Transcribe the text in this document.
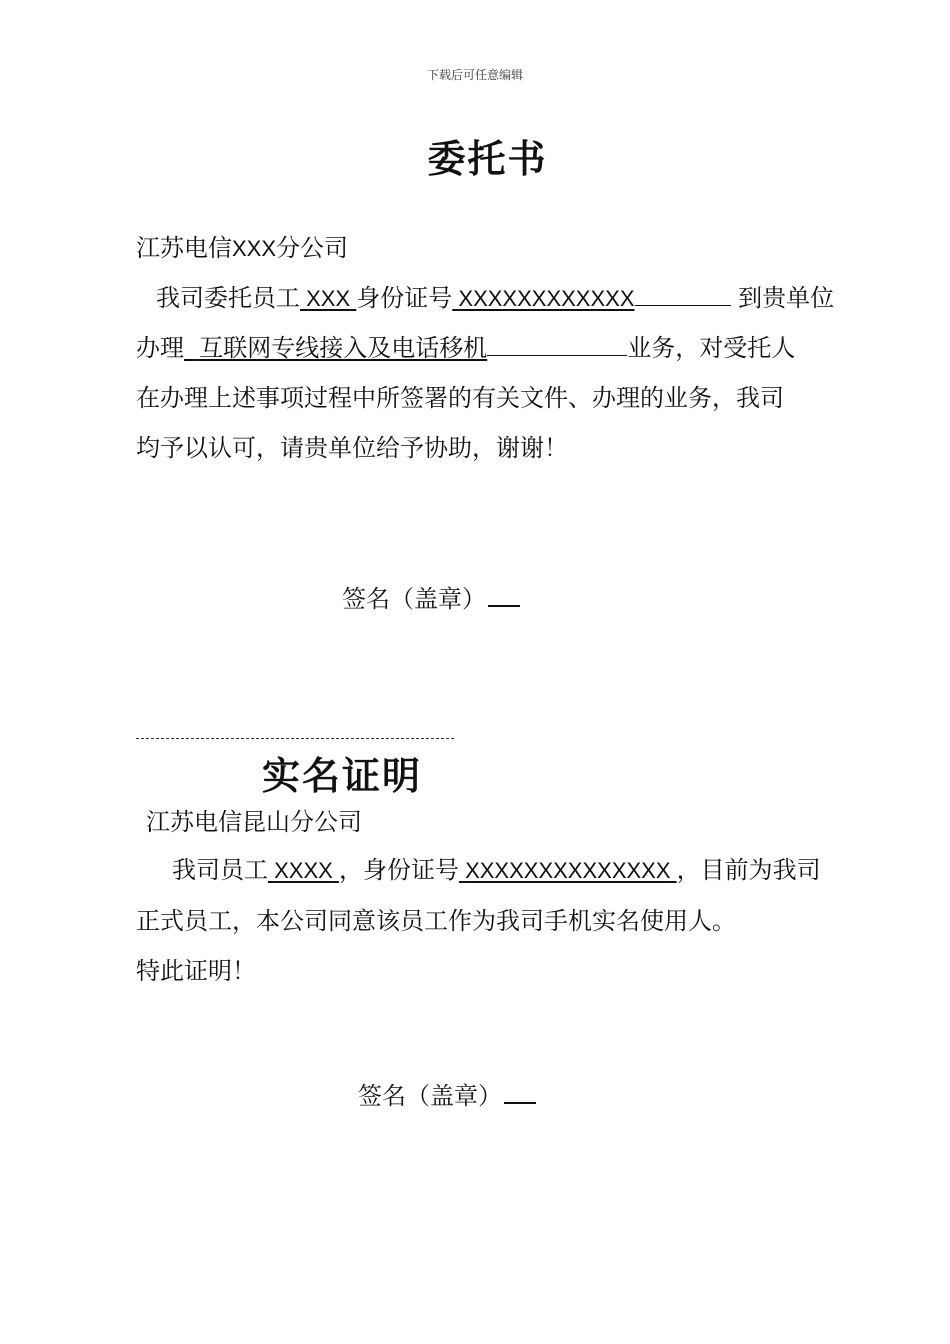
下载后可任意编辑
委托书
江苏电信XXX分公司
我司委托员工 XXX 身份证号 XXXXXXXXXXXX	到贵单位
办理 互联网专线接入及电话移机	业务，对受托人
在办理上述事项过程中所签署的有关文件、办理的业务，我司
均予以认可，请贵单位给予协助，谢谢！
签名（盖章）
实名证明
江苏电信昆山分公司
我司员工 XXXX ，身份证号 XXXXXXXXXXXXXX ，目前为我司
正式员工，本公司同意该员工作为我司手机实名使用人。
特此证明！
签名（盖章）
